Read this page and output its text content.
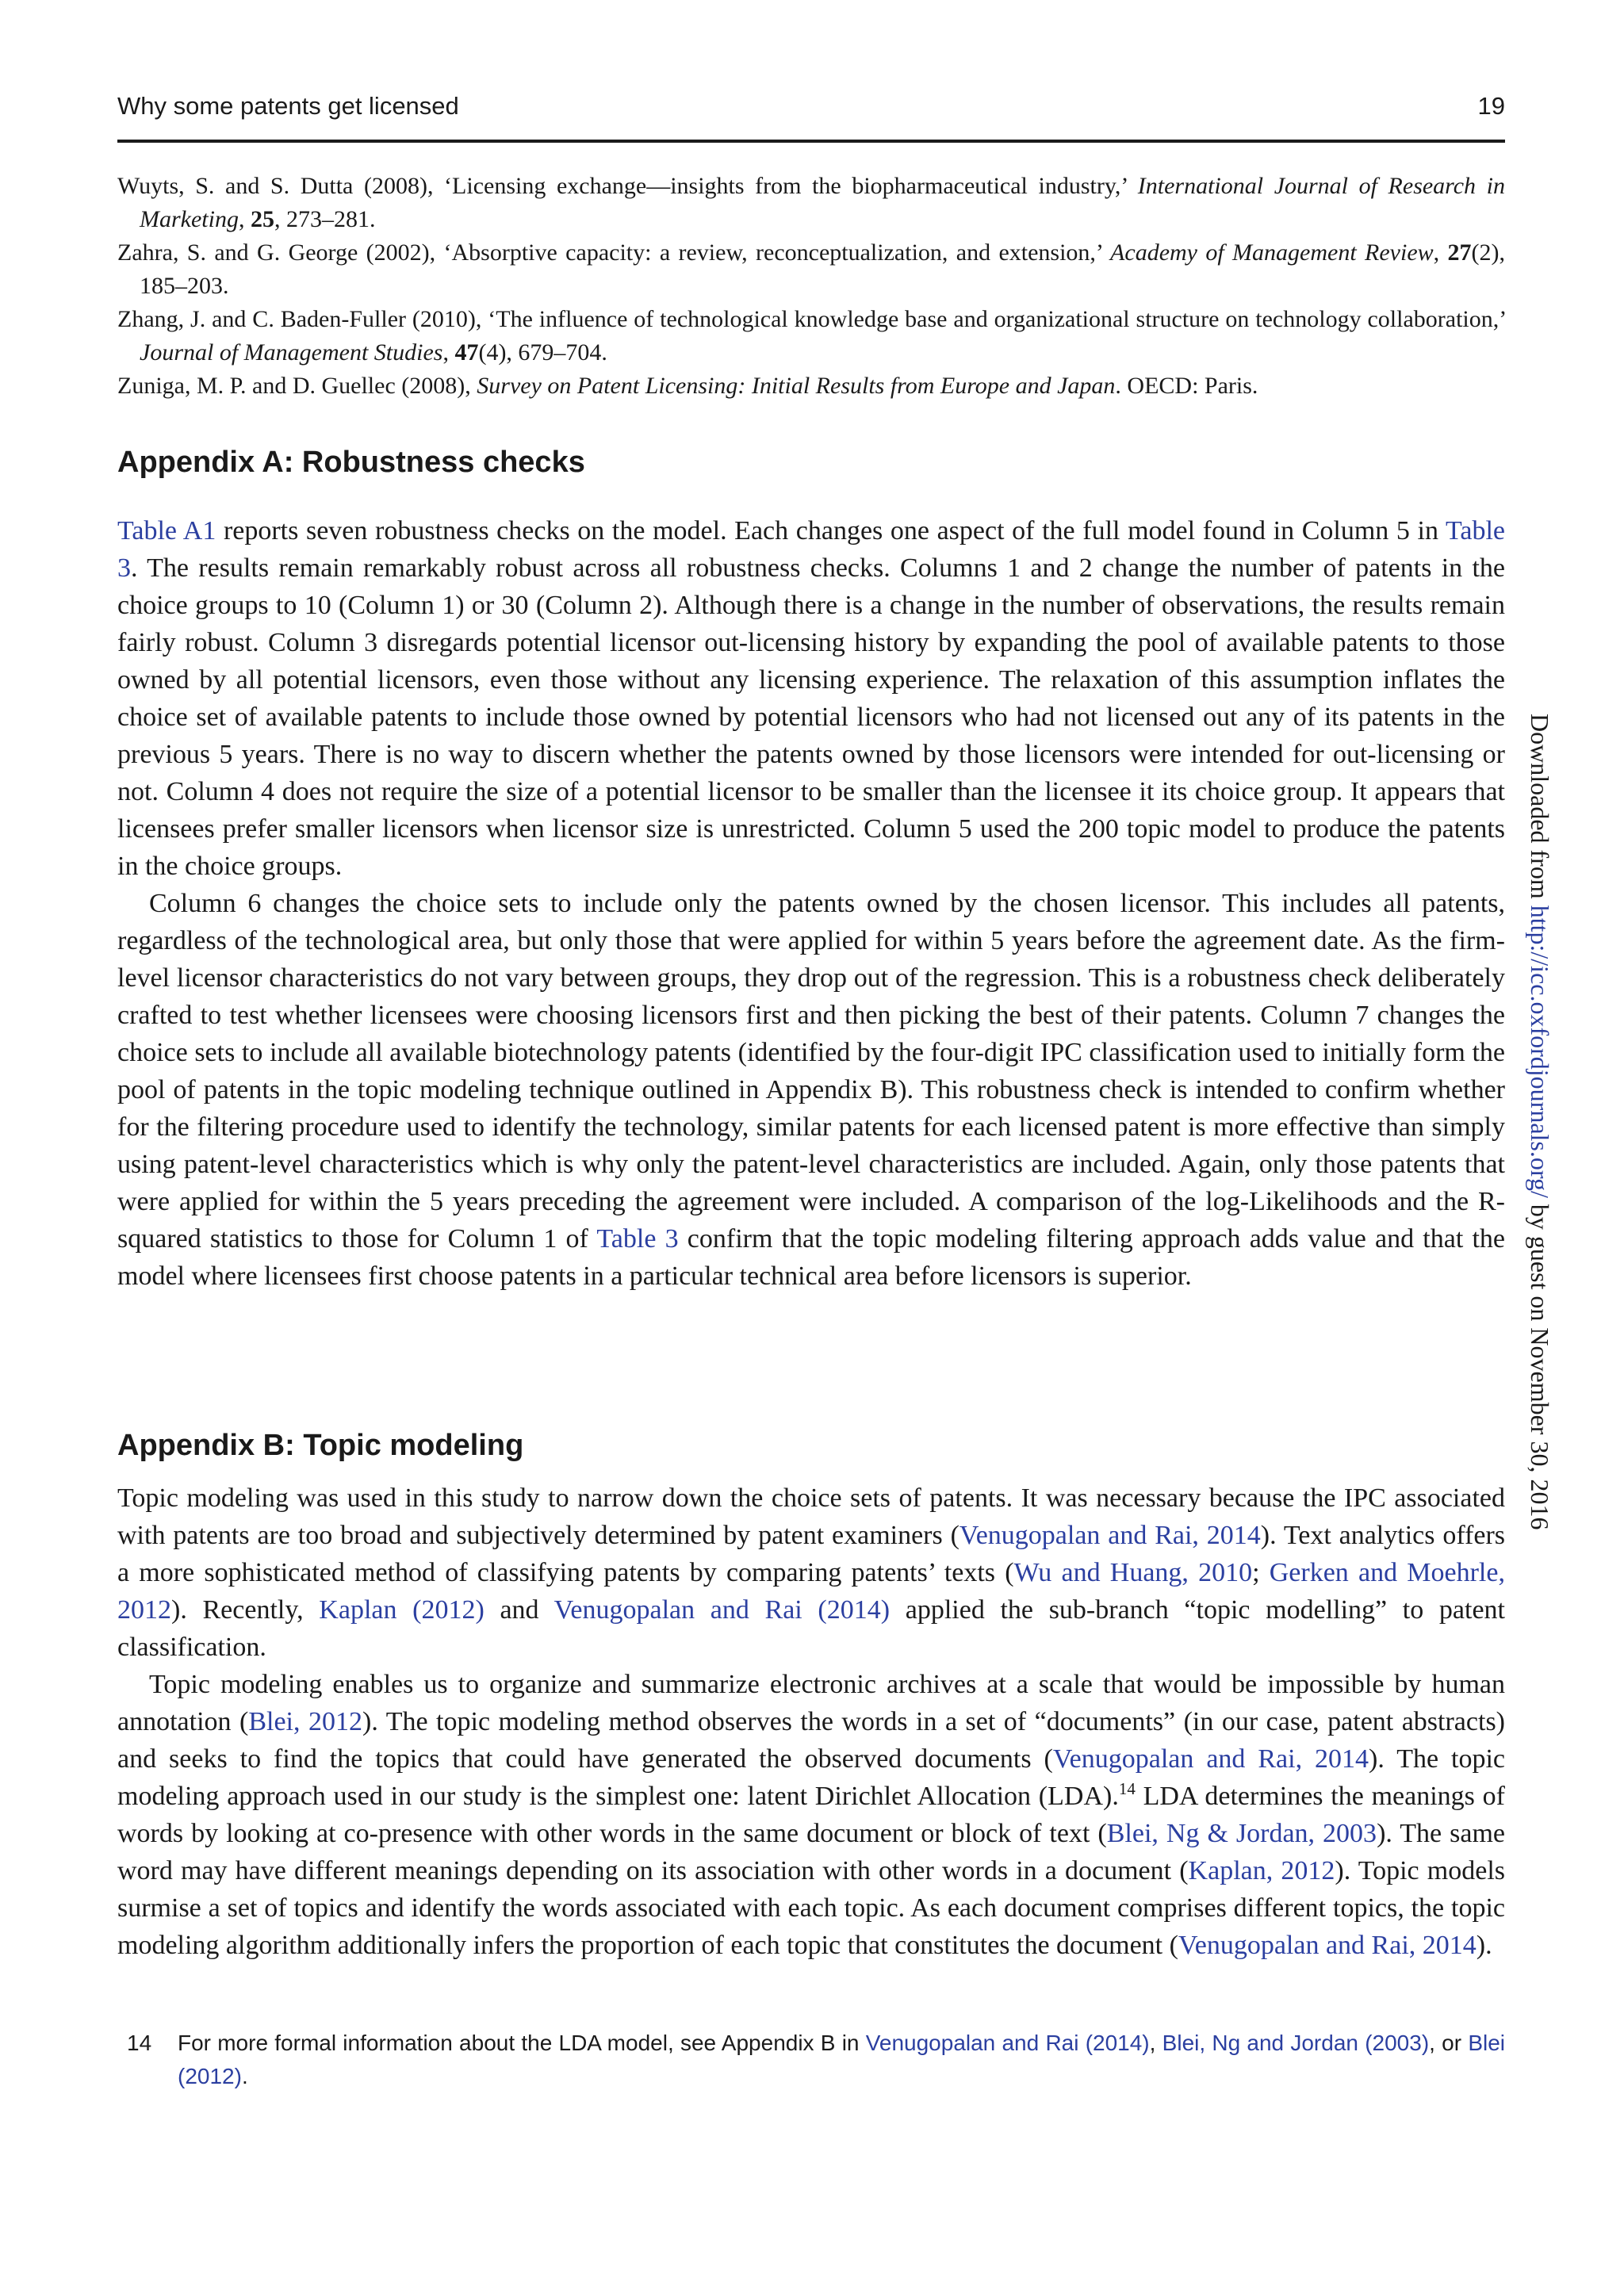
Why some patents get licensed	19

Wuyts, S. and S. Dutta (2008), ‘Licensing exchange—insights from the biopharmaceutical industry,’ International Journal of Research in Marketing, 25, 273–281.

Zahra, S. and G. George (2002), ‘Absorptive capacity: a review, reconceptualization, and extension,’ Academy of Management Review, 27(2), 185–203.

Zhang, J. and C. Baden-Fuller (2010), ‘The influence of technological knowledge base and organizational structure on technology collaboration,’ Journal of Management Studies, 47(4), 679–704.

Zuniga, M. P. and D. Guellec (2008), Survey on Patent Licensing: Initial Results from Europe and Japan. OECD: Paris.

Appendix A: Robustness checks

Table A1 reports seven robustness checks on the model. Each changes one aspect of the full model found in Column 5 in Table 3. The results remain remarkably robust across all robustness checks. Columns 1 and 2 change the number of patents in the choice groups to 10 (Column 1) or 30 (Column 2). Although there is a change in the number of observations, the results remain fairly robust. Column 3 disregards potential licensor out-licensing history by expanding the pool of available patents to those owned by all potential licensors, even those without any licensing experience. The relaxation of this assumption inflates the choice set of available patents to include those owned by potential licensors who had not licensed out any of its patents in the previous 5 years. There is no way to discern whether the patents owned by those licensors were intended for out-licensing or not. Column 4 does not require the size of a potential licensor to be smaller than the licensee it its choice group. It appears that licensees prefer smaller licensors when licensor size is unrestricted. Column 5 used the 200 topic model to produce the patents in the choice groups.

Column 6 changes the choice sets to include only the patents owned by the chosen licensor. This includes all patents, regardless of the technological area, but only those that were applied for within 5 years before the agreement date. As the firm-level licensor characteristics do not vary between groups, they drop out of the regression. This is a robustness check deliberately crafted to test whether licensees were choosing licensors first and then picking the best of their patents. Column 7 changes the choice sets to include all available biotechnology patents (identified by the four-digit IPC classification used to initially form the pool of patents in the topic modeling technique outlined in Appendix B). This robustness check is intended to confirm whether for the filtering procedure used to identify the technology, similar patents for each licensed patent is more effective than simply using patent-level characteristics which is why only the patent-level characteristics are included. Again, only those patents that were applied for within the 5 years preceding the agreement were included. A comparison of the log-Likelihoods and the R-squared statistics to those for Column 1 of Table 3 confirm that the topic modeling filtering approach adds value and that the model where licensees first choose patents in a particular technical area before licensors is superior.

Appendix B: Topic modeling

Topic modeling was used in this study to narrow down the choice sets of patents. It was necessary because the IPC associated with patents are too broad and subjectively determined by patent examiners (Venugopalan and Rai, 2014). Text analytics offers a more sophisticated method of classifying patents by comparing patents’ texts (Wu and Huang, 2010; Gerken and Moehrle, 2012). Recently, Kaplan (2012) and Venugopalan and Rai (2014) applied the sub-branch “topic modelling” to patent classification.

Topic modeling enables us to organize and summarize electronic archives at a scale that would be impossible by human annotation (Blei, 2012). The topic modeling method observes the words in a set of “documents” (in our case, patent abstracts) and seeks to find the topics that could have generated the observed documents (Venugopalan and Rai, 2014). The topic modeling approach used in our study is the simplest one: latent Dirichlet Allocation (LDA).$^{14}$ LDA determines the meanings of words by looking at co-presence with other words in the same document or block of text (Blei, Ng & Jordan, 2003). The same word may have different meanings depending on its association with other words in a document (Kaplan, 2012). Topic models surmise a set of topics and identify the words associated with each topic. As each document comprises different topics, the topic modeling algorithm additionally infers the proportion of each topic that constitutes the document (Venugopalan and Rai, 2014).

14 For more formal information about the LDA model, see Appendix B in Venugopalan and Rai (2014), Blei, Ng and Jordan (2003), or Blei (2012).
Downloaded from http://icc.oxfordjournals.org/ by guest on November 30, 2016
